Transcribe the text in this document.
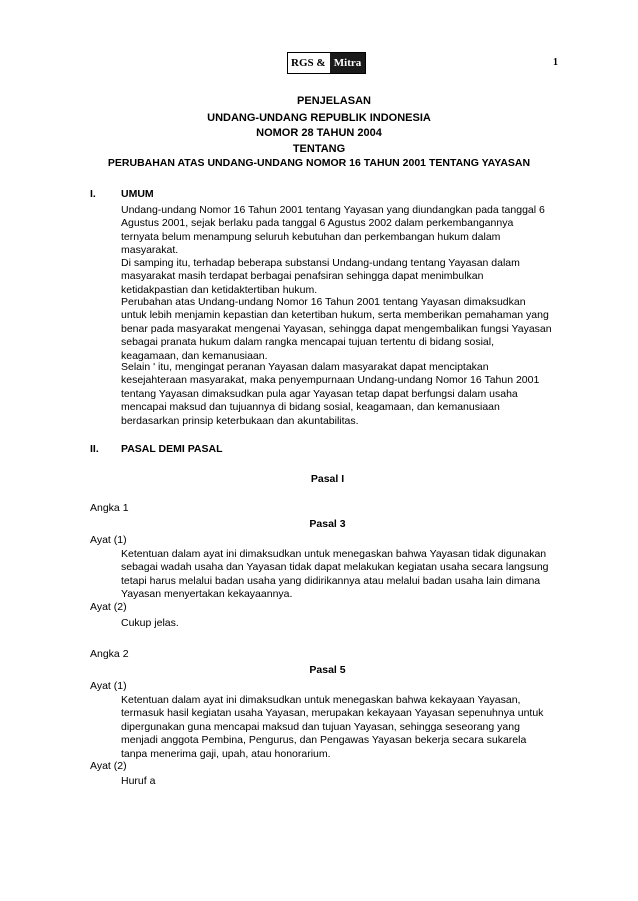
RGS & Mitra	1
PENJELASAN
UNDANG-UNDANG REPUBLIK INDONESIA
NOMOR 28 TAHUN 2004
TENTANG
PERUBAHAN ATAS UNDANG-UNDANG NOMOR 16 TAHUN 2001 TENTANG YAYASAN
I. UMUM
Undang-undang Nomor 16 Tahun 2001 tentang Yayasan yang diundangkan pada tanggal 6 Agustus 2001, sejak berlaku pada tanggal 6 Agustus 2002 dalam perkembangannya ternyata belum menampung seluruh kebutuhan dan perkembangan hukum dalam masyarakat.
Di samping itu, terhadap beberapa substansi Undang-undang tentang Yayasan dalam masyarakat masih terdapat berbagai penafsiran sehingga dapat menimbulkan ketidakpastian dan ketidaktertiban hukum.
Perubahan atas Undang-undang Nomor 16 Tahun 2001 tentang Yayasan dimaksudkan untuk lebih menjamin kepastian dan ketertiban hukum, serta memberikan pemahaman yang benar pada masyarakat mengenai Yayasan, sehingga dapat mengembalikan fungsi Yayasan sebagai pranata hukum dalam rangka mencapai tujuan tertentu di bidang sosial, keagamaan, dan kemanusiaan.
Selain ' itu, mengingat peranan Yayasan dalam masyarakat dapat menciptakan kesejahteraan masyarakat, maka penyempurnaan Undang-undang Nomor 16 Tahun 2001 tentang Yayasan dimaksudkan pula agar Yayasan tetap dapat berfungsi dalam usaha mencapai maksud dan tujuannya di bidang sosial, keagamaan, dan kemanusiaan berdasarkan prinsip keterbukaan dan akuntabilitas.
II. PASAL DEMI PASAL
Pasal I
Angka 1
Pasal 3
Ayat (1)
Ketentuan dalam ayat ini dimaksudkan untuk menegaskan bahwa Yayasan tidak digunakan sebagai wadah usaha dan Yayasan tidak dapat melakukan kegiatan usaha secara langsung tetapi harus melalui badan usaha yang didirikannya atau melalui badan usaha lain dimana Yayasan menyertakan kekayaannya.
Ayat (2)
Cukup jelas.
Angka 2
Pasal 5
Ayat (1)
Ketentuan dalam ayat ini dimaksudkan untuk menegaskan bahwa kekayaan Yayasan, termasuk hasil kegiatan usaha Yayasan, merupakan kekayaan Yayasan sepenuhnya untuk dipergunakan guna mencapai maksud dan tujuan Yayasan, sehingga seseorang yang menjadi anggota Pembina, Pengurus, dan Pengawas Yayasan bekerja secara sukarela tanpa menerima gaji, upah, atau honorarium.
Ayat (2)
Huruf a
